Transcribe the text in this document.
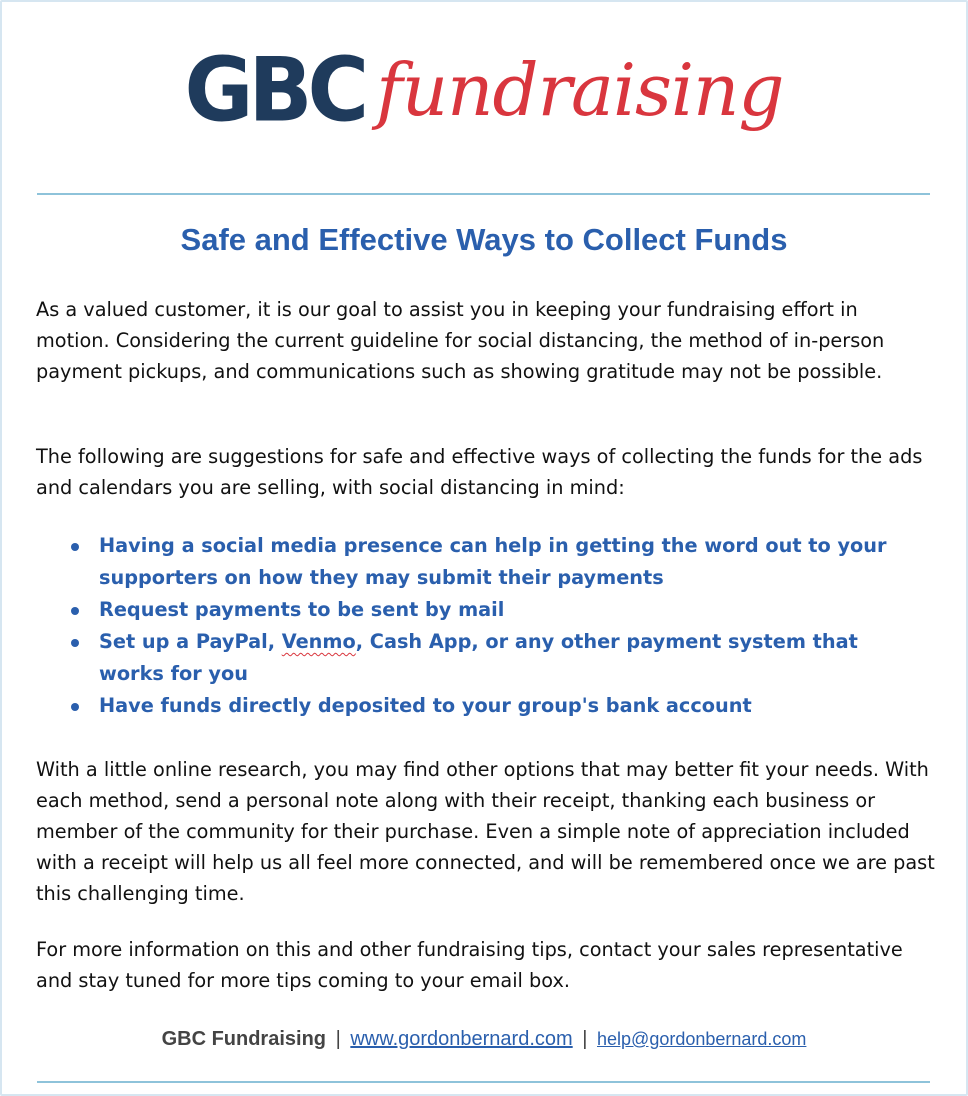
GBC fundraising
Safe and Effective Ways to Collect Funds

As a valued customer, it is our goal to assist you in keeping your fundraising effort in motion. Considering the current guideline for social distancing, the method of in-person payment pickups, and communications such as showing gratitude may not be possible.

The following are suggestions for safe and effective ways of collecting the funds for the ads and calendars you are selling, with social distancing in mind:

Having a social media presence can help in getting the word out to your supporters on how they may submit their payments
Request payments to be sent by mail
Set up a PayPal, Venmo, Cash App, or any other payment system that works for you
Have funds directly deposited to your group's bank account

With a little online research, you may find other options that may better fit your needs. With each method, send a personal note along with their receipt, thanking each business or member of the community for their purchase. Even a simple note of appreciation included with a receipt will help us all feel more connected, and will be remembered once we are past this challenging time.

For more information on this and other fundraising tips, contact your sales representative and stay tuned for more tips coming to your email box.

GBC Fundraising | www.gordonbernard.com | help@gordonbernard.com
